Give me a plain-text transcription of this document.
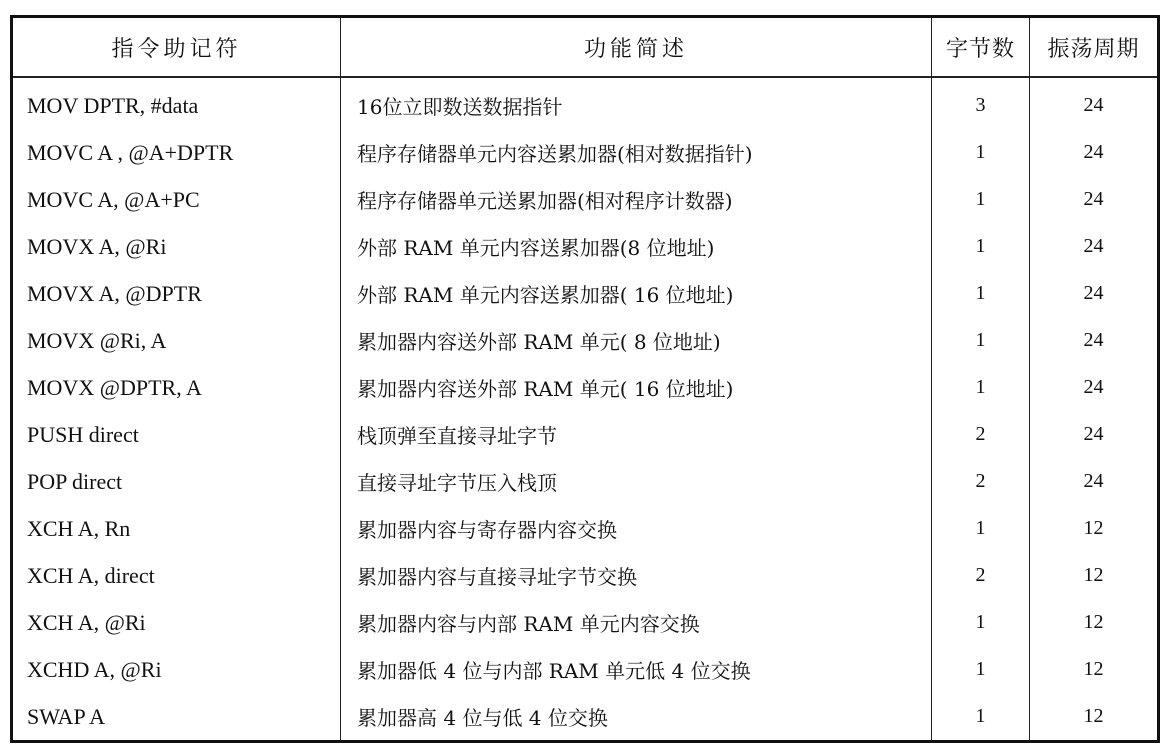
指令助记符	功能简述	字节数	振荡周期
MOV DPTR, #data	16位立即数送数据指针	3	24
MOVC A , @A+DPTR	程序存储器单元内容送累加器(相对数据指针)	1	24
MOVC A, @A+PC	程序存储器单元送累加器(相对程序计数器)	1	24
MOVX A, @Ri	外部 RAM 单元内容送累加器(8 位地址)	1	24
MOVX A, @DPTR	外部 RAM 单元内容送累加器( 16 位地址)	1	24
MOVX @Ri, A	累加器内容送外部 RAM 单元( 8 位地址)	1	24
MOVX @DPTR, A	累加器内容送外部 RAM 单元( 16 位地址)	1	24
PUSH direct	栈顶弹至直接寻址字节	2	24
POP direct	直接寻址字节压入栈顶	2	24
XCH A, Rn	累加器内容与寄存器内容交换	1	12
XCH A, direct	累加器内容与直接寻址字节交换	2	12
XCH A, @Ri	累加器内容与内部 RAM 单元内容交换	1	12
XCHD A, @Ri	累加器低 4 位与内部 RAM 单元低 4 位交换	1	12
SWAP A	累加器高 4 位与低 4 位交换	1	12
